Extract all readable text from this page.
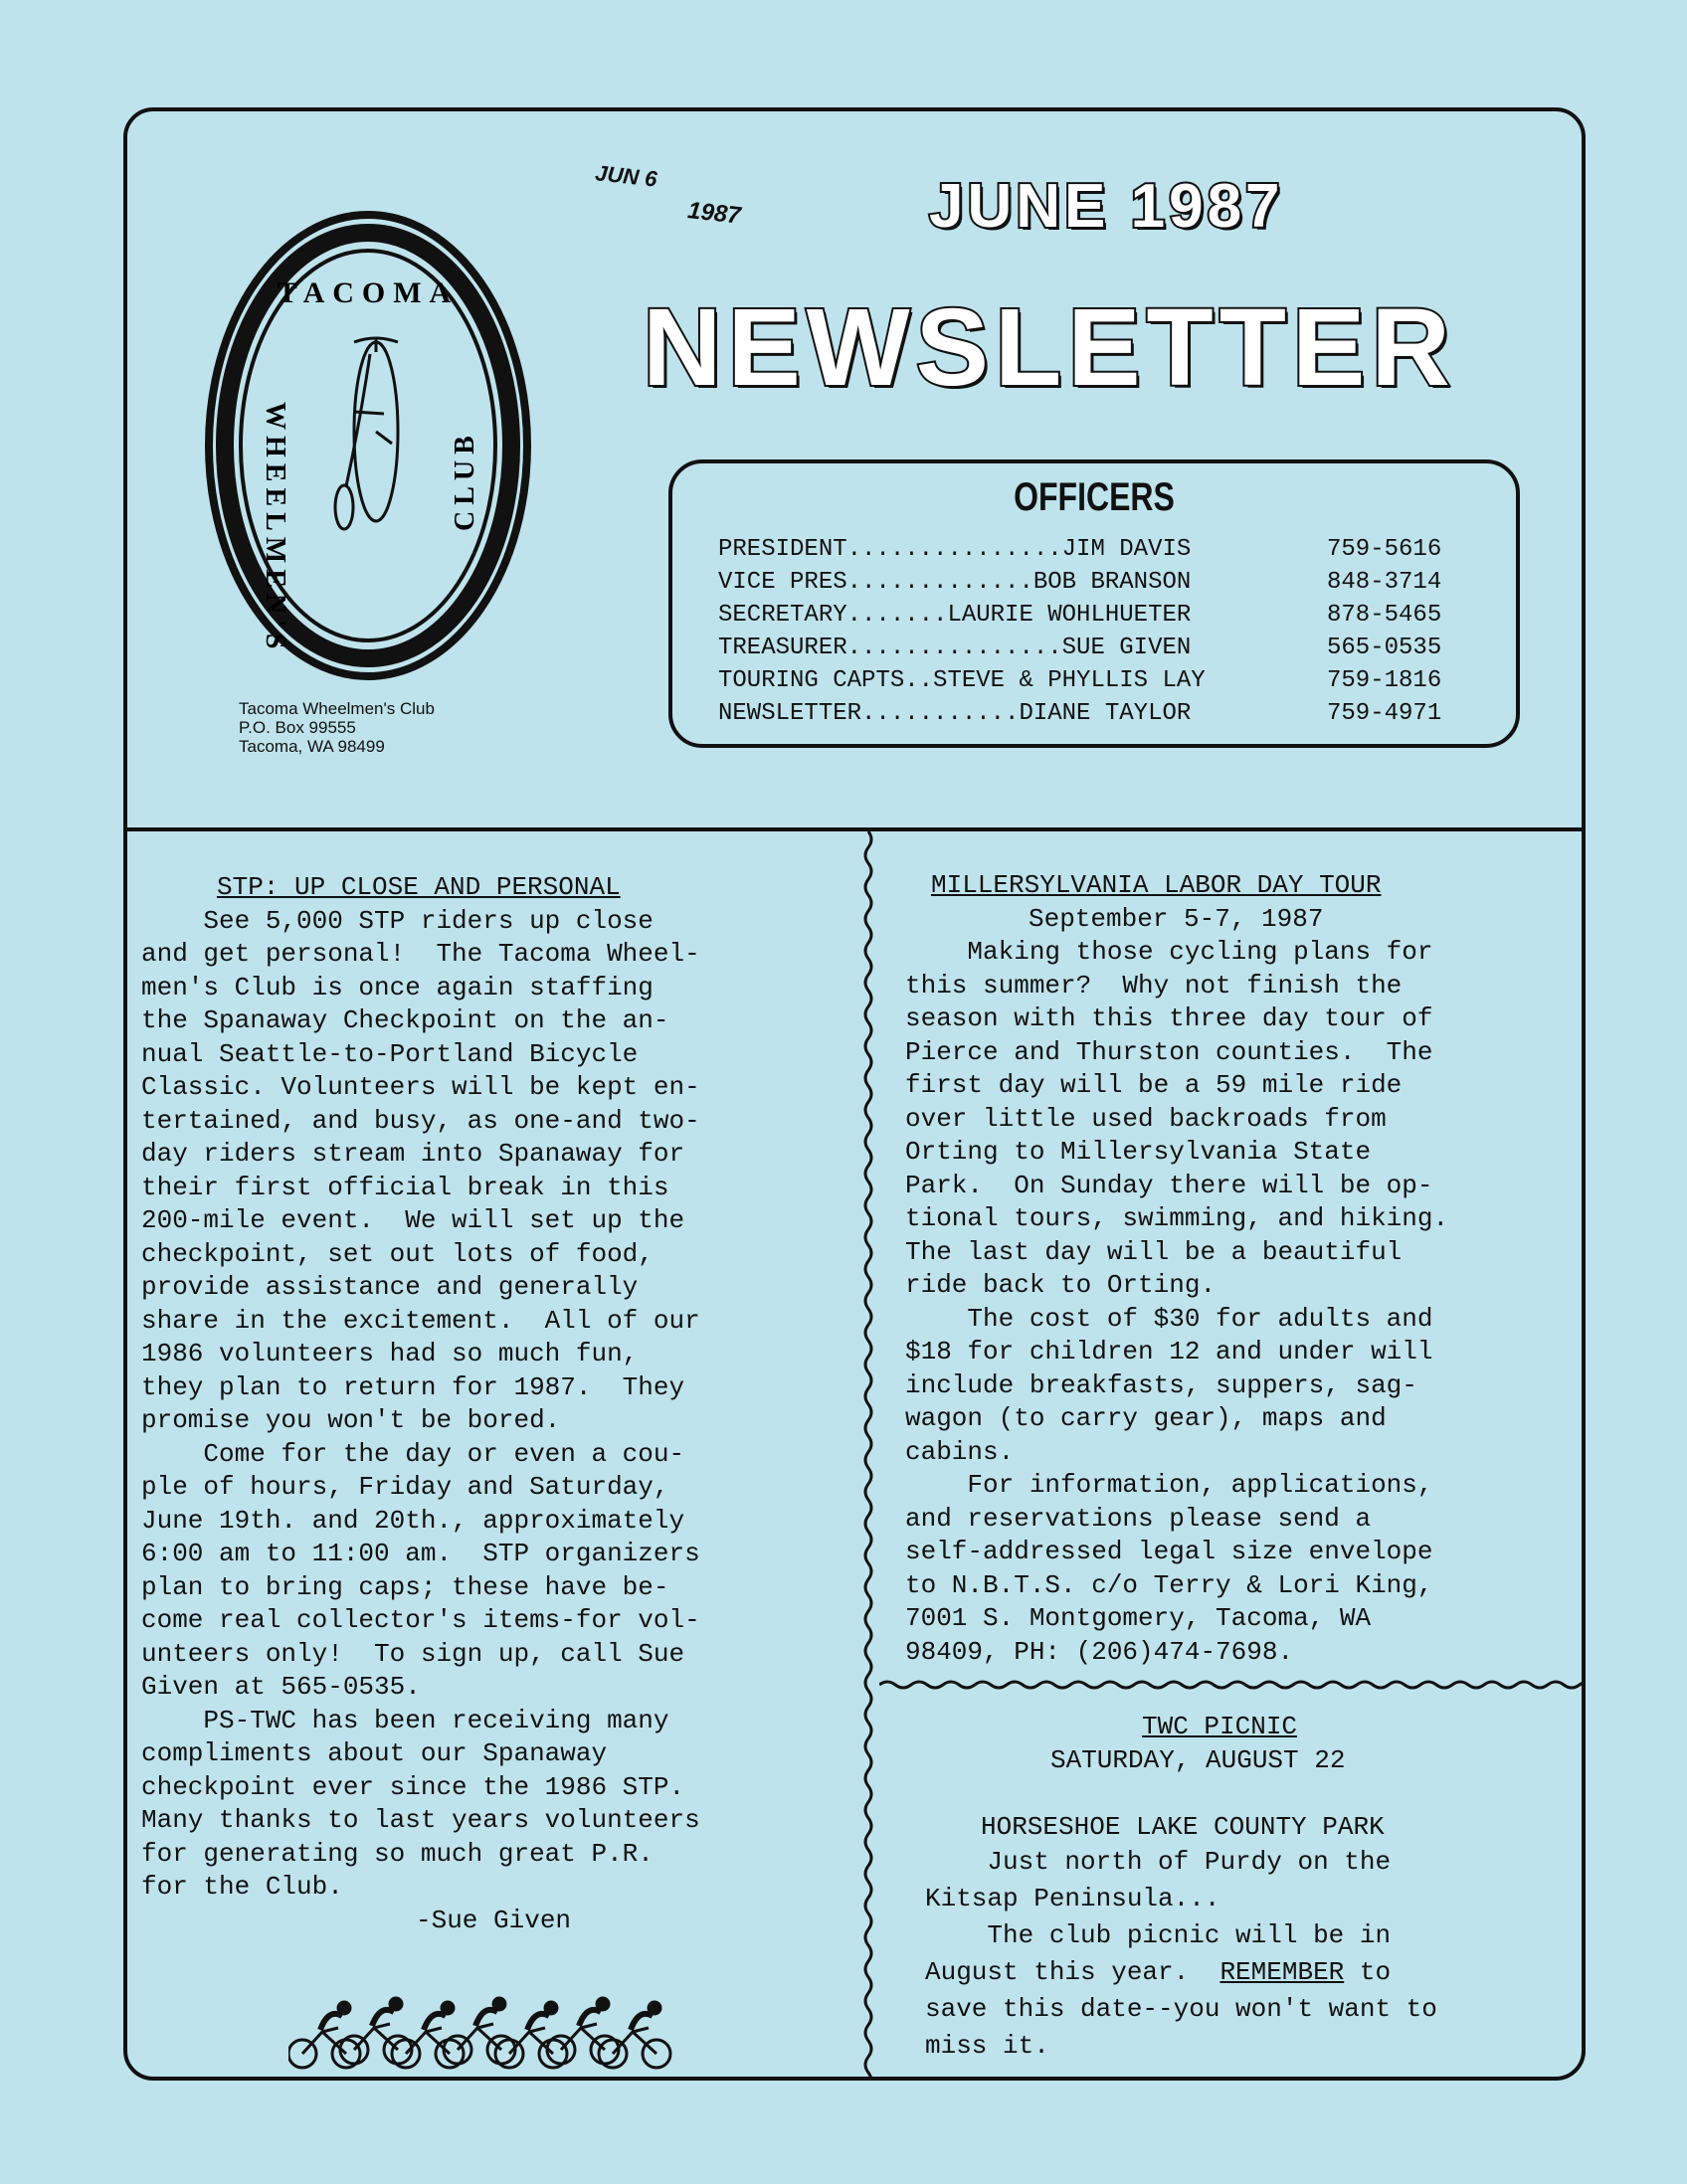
TACOMA
WHEELMEN'S	CLUB
Tacoma Wheelmen's Club
P.O. Box 99555
Tacoma, WA 98499
JUN 61987	JUNE 1987
NEWSLETTER
OFFICERS
PRESIDENT...............JIM DAVIS	759-5616
VICE PRES.............BOB BRANSON	848-3714
SECRETARY.......LAURIE WOHLHUETER	878-5465
TREASURER...............SUE GIVEN	565-0535
TOURING CAPTS..STEVE & PHYLLIS LAY	759-1816
NEWSLETTER...........DIANE TAYLOR	759-4971
STP: UP CLOSE AND PERSONAL
See 5,000 STP riders up close
and get personal!  The Tacoma Wheel-
men's Club is once again staffing
the Spanaway Checkpoint on the an-
nual Seattle-to-Portland Bicycle
Classic. Volunteers will be kept en-
tertained, and busy, as one-and two-
day riders stream into Spanaway for
their first official break in this
200-mile event.  We will set up the
checkpoint, set out lots of food,
provide assistance and generally
share in the excitement.  All of our
1986 volunteers had so much fun,
they plan to return for 1987.  They
promise you won't be bored.
Come for the day or even a cou-
ple of hours, Friday and Saturday,
June 19th. and 20th., approximately
6:00 am to 11:00 am.  STP organizers
plan to bring caps; these have be-
come real collector's items-for vol-
unteers only!  To sign up, call Sue
Given at 565-0535.
PS-TWC has been receiving many
compliments about our Spanaway
checkpoint ever since the 1986 STP.
Many thanks to last years volunteers
for generating so much great P.R.
for the Club.
-Sue Given
MILLERSYLVANIA LABOR DAY TOUR
September 5-7, 1987
Making those cycling plans for
this summer?  Why not finish the
season with this three day tour of
Pierce and Thurston counties.  The
first day will be a 59 mile ride
over little used backroads from
Orting to Millersylvania State
Park.  On Sunday there will be op-
tional tours, swimming, and hiking.
The last day will be a beautiful
ride back to Orting.
The cost of $30 for adults and
$18 for children 12 and under will
include breakfasts, suppers, sag-
wagon (to carry gear), maps and
cabins.
For information, applications,
and reservations please send a
self-addressed legal size envelope
to N.B.T.S. c/o Terry & Lori King,
7001 S. Montgomery, Tacoma, WA
98409, PH: (206)474-7698.
TWC PICNIC
SATURDAY, AUGUST 22

HORSESHOE LAKE COUNTY PARK
Just north of Purdy on the
Kitsap Peninsula...
The club picnic will be in
August this year.  REMEMBER to
save this date--you won't want to
miss it.
